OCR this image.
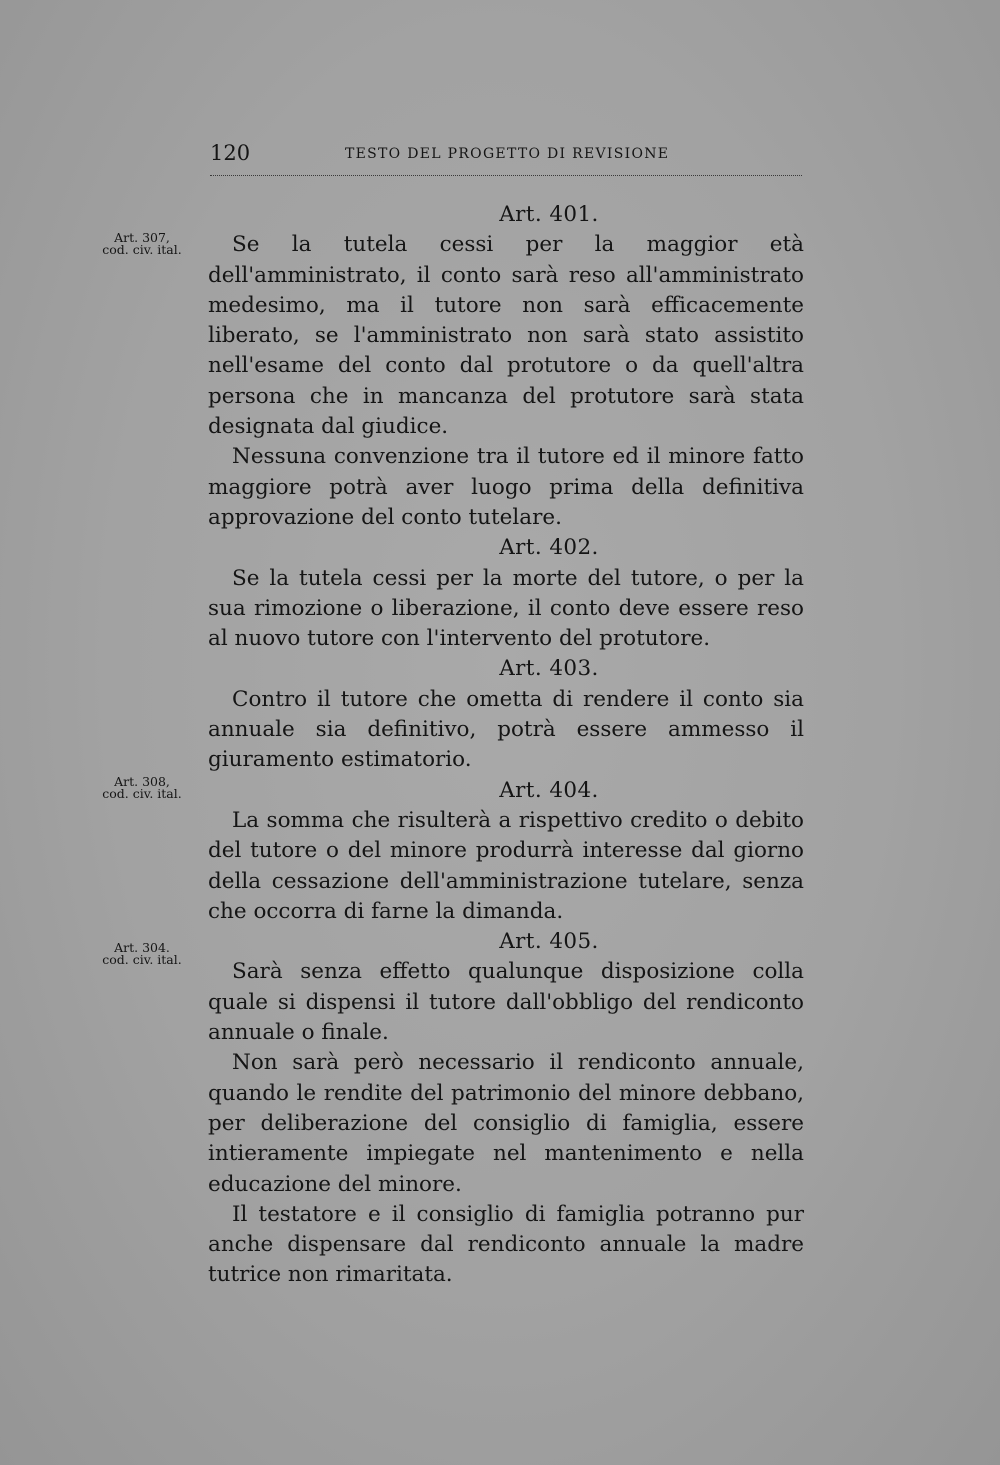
120	TESTO DEL PROGETTO DI REVISIONE
Art. 307,
cod. civ. ital.
Art. 308,
cod. civ. ital.
Art. 304.
cod. civ. ital.

Art. 401.

Se la tutela cessi per la maggior età dell'amministrato, il conto sarà reso all'amministrato medesimo, ma il tutore non sarà efficacemente liberato, se l'amministrato non sarà stato assistito nell'esame del conto dal protutore o da quell'altra persona che in mancanza del protutore sarà stata designata dal giudice.

Nessuna convenzione tra il tutore ed il minore fatto maggiore potrà aver luogo prima della definitiva approvazione del conto tutelare.

Art. 402.

Se la tutela cessi per la morte del tutore, o per la sua rimozione o liberazione, il conto deve essere reso al nuovo tutore con l'intervento del protutore.

Art. 403.

Contro il tutore che ometta di rendere il conto sia annuale sia definitivo, potrà essere ammesso il giuramento estimatorio.

Art. 404.

La somma che risulterà a rispettivo credito o debito del tutore o del minore produrrà interesse dal giorno della cessazione dell'amministrazione tutelare, senza che occorra di farne la dimanda.

Art. 405.

Sarà senza effetto qualunque disposizione colla quale si dispensi il tutore dall'obbligo del rendiconto annuale o finale.

Non sarà però necessario il rendiconto annuale, quando le rendite del patrimonio del minore debbano, per deliberazione del consiglio di famiglia, essere intieramente impiegate nel mantenimento e nella educazione del minore.

Il testatore e il consiglio di famiglia potranno pur anche dispensare dal rendiconto annuale la madre tutrice non rimaritata.
